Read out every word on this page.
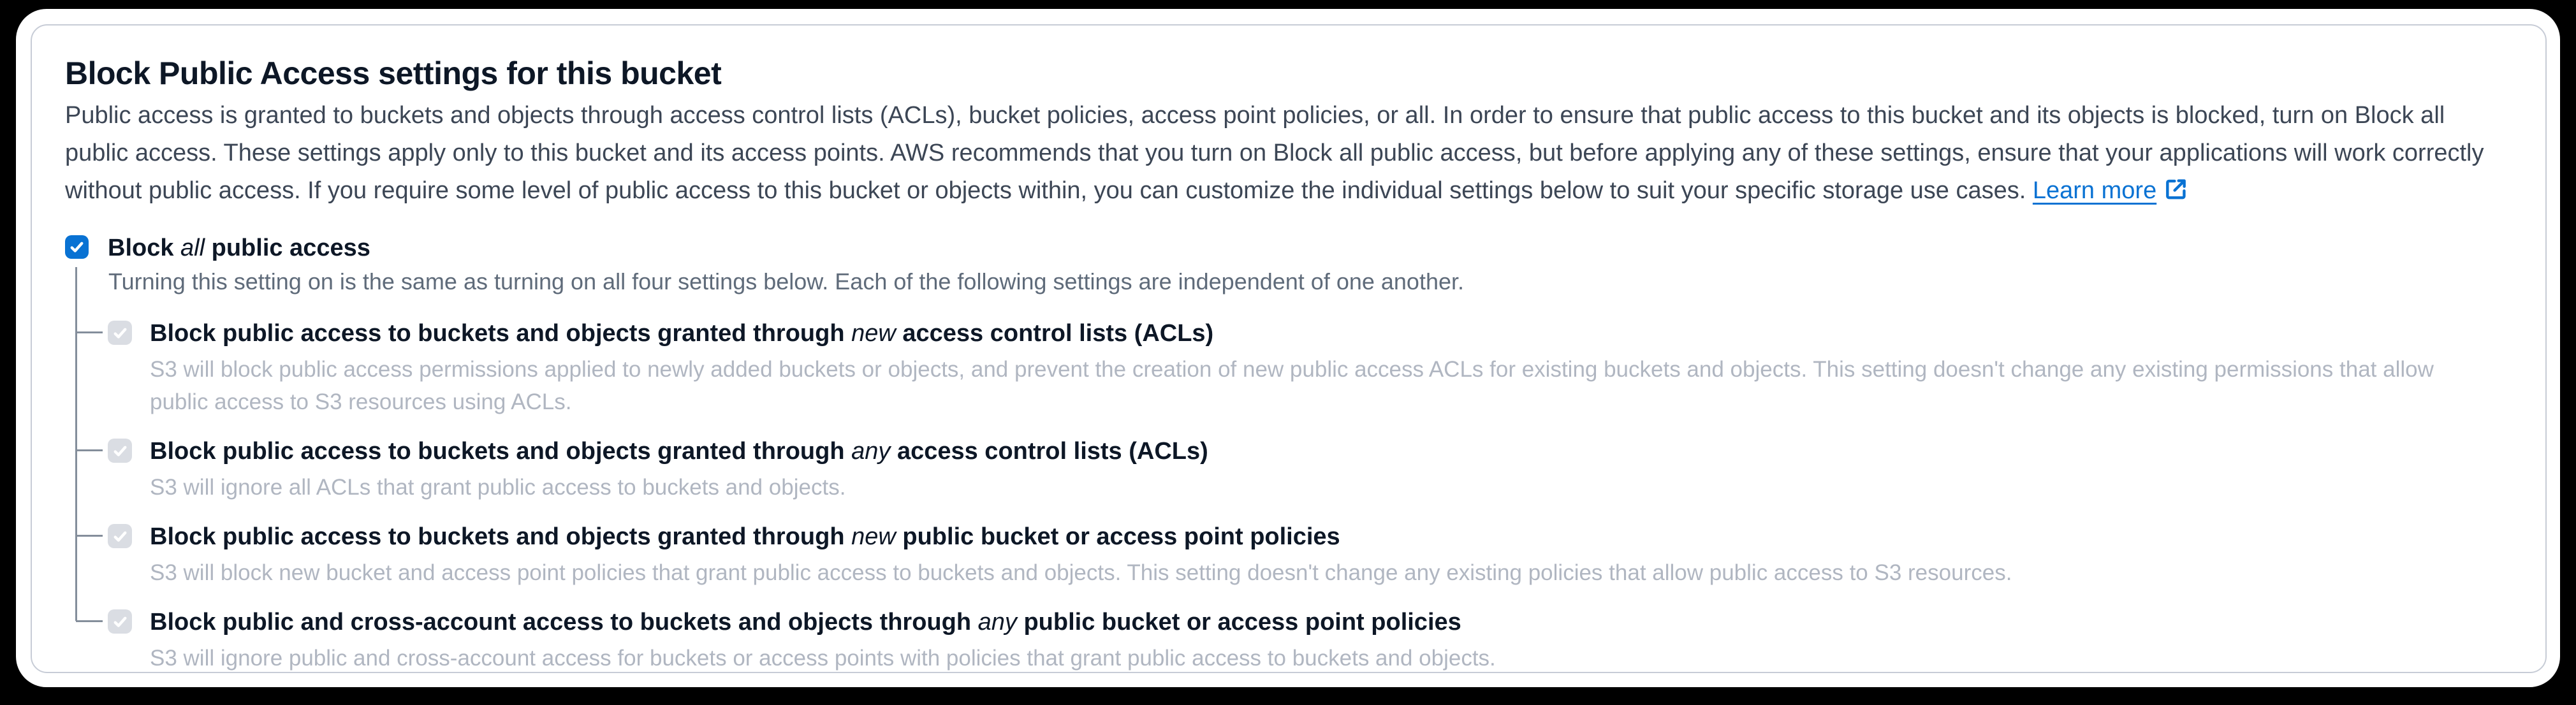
Block Public Access settings for this bucket

Public access is granted to buckets and objects through access control lists (ACLs), bucket policies, access point policies, or all. In order to ensure that public access to this bucket and its objects is blocked, turn on Block all public access. These settings apply only to this bucket and its access points. AWS recommends that you turn on Block all public access, but before applying any of these settings, ensure that your applications will work correctly without public access. If you require some level of public access to this bucket or objects within, you can customize the individual settings below to suit your specific storage use cases. Learn more

Block all public access
Turning this setting on is the same as turning on all four settings below. Each of the following settings are independent of one another.
Block public access to buckets and objects granted through new access control lists (ACLs)
S3 will block public access permissions applied to newly added buckets or objects, and prevent the creation of new public access ACLs for existing buckets and objects. This setting doesn't change any existing permissions that allow public access to S3 resources using ACLs.
Block public access to buckets and objects granted through any access control lists (ACLs)
S3 will ignore all ACLs that grant public access to buckets and objects.
Block public access to buckets and objects granted through new public bucket or access point policies
S3 will block new bucket and access point policies that grant public access to buckets and objects. This setting doesn't change any existing policies that allow public access to S3 resources.
Block public and cross-account access to buckets and objects through any public bucket or access point policies
S3 will ignore public and cross-account access for buckets or access points with policies that grant public access to buckets and objects.
